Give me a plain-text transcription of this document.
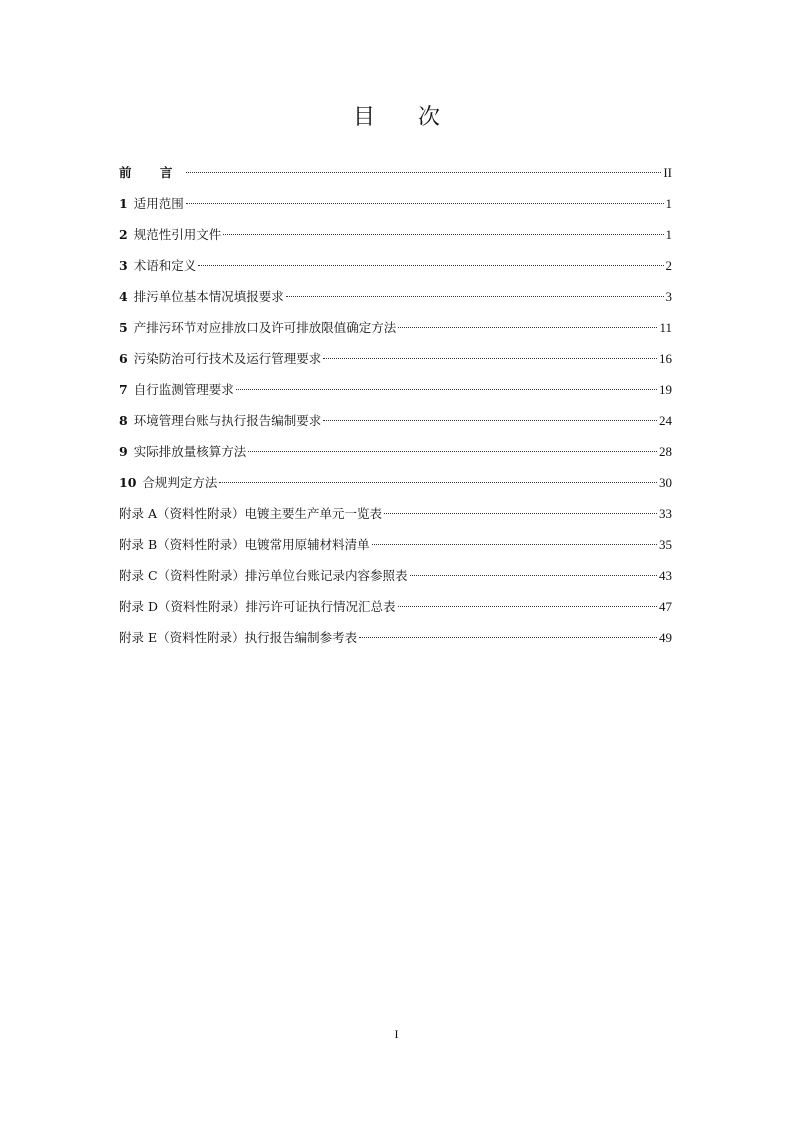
目 次
前 言	II
1 适用范围	1
2 规范性引用文件	1
3 术语和定义	2
4 排污单位基本情况填报要求	3
5 产排污环节对应排放口及许可排放限值确定方法	11
6 污染防治可行技术及运行管理要求	16
7 自行监测管理要求	19
8 环境管理台账与执行报告编制要求	24
9 实际排放量核算方法	28
10 合规判定方法	30
附录 A（资料性附录）电镀主要生产单元一览表	33
附录 B（资料性附录）电镀常用原辅材料清单	35
附录 C（资料性附录）排污单位台账记录内容参照表	43
附录 D（资料性附录）排污许可证执行情况汇总表	47
附录 E（资料性附录）执行报告编制参考表	49
I
